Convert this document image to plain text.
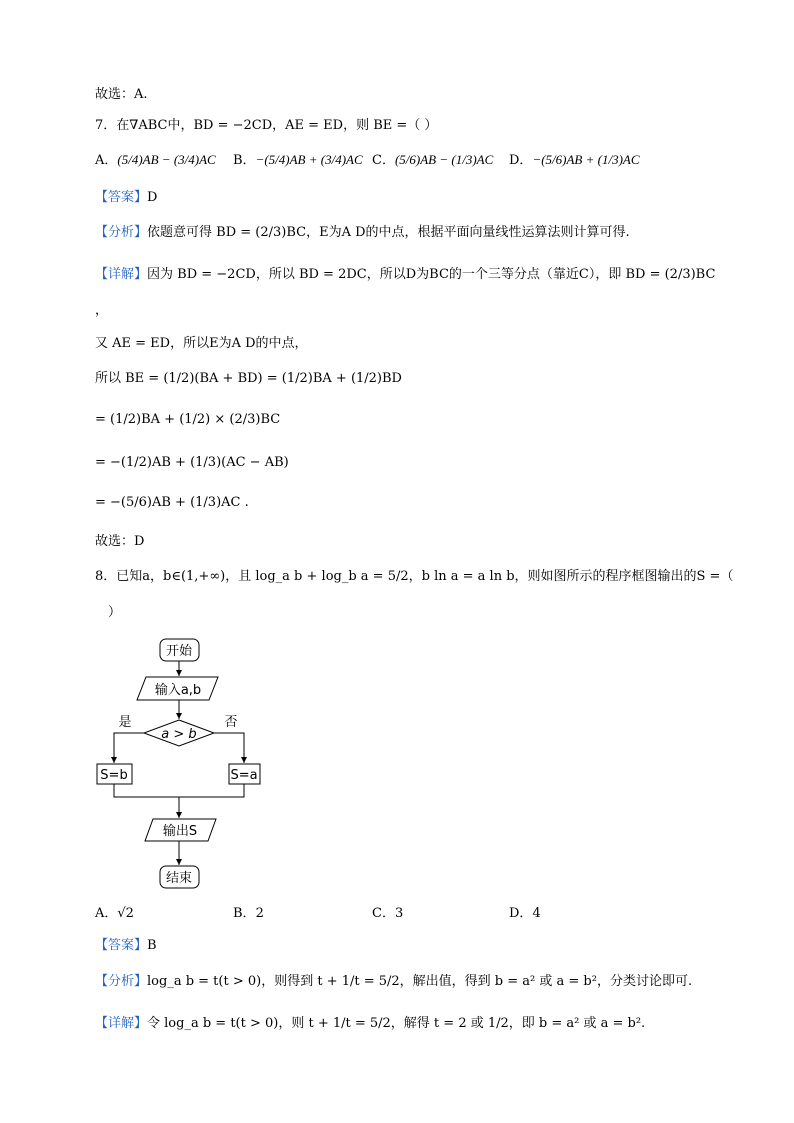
故选：A.
7．在∇ABC中，BD = −2CD，AE = ED，则 BE =（ ）
A．(5/4)AB − (3/4)AC B．−(5/4)AB + (3/4)AC C．(5/6)AB − (1/3)AC D．−(5/6)AB + (1/3)AC
【答案】D
【分析】依题意可得 BD = (2/3)BC，E为A D的中点，根据平面向量线性运算法则计算可得.
【详解】因为 BD = −2CD，所以 BD = 2DC，所以D为BC的一个三等分点（靠近C），即 BD = (2/3)BC
，
又 AE = ED，所以E为A D的中点，
所以 BE = (1/2)(BA + BD) = (1/2)BA + (1/2)BD
= (1/2)BA + (1/2) × (2/3)BC
= −(1/2)AB + (1/3)(AC − AB)
= −(5/6)AB + (1/3)AC .
故选：D
8．已知a，b∈(1,+∞)，且 log_a b + log_b a = 5/2，b ln a = a ln b，则如图所示的程序框图输出的S =（
）
开始
输入a,b
a > b
是	否
S=b	S=a
输出S
结束
A．√2	B．2	C．3	D．4
【答案】B
【分析】log_a b = t(t > 0)，则得到 t + 1/t = 5/2，解出值，得到 b = a² 或 a = b²，分类讨论即可.
【详解】令 log_a b = t(t > 0)，则 t + 1/t = 5/2，解得 t = 2 或 1/2，即 b = a² 或 a = b².
